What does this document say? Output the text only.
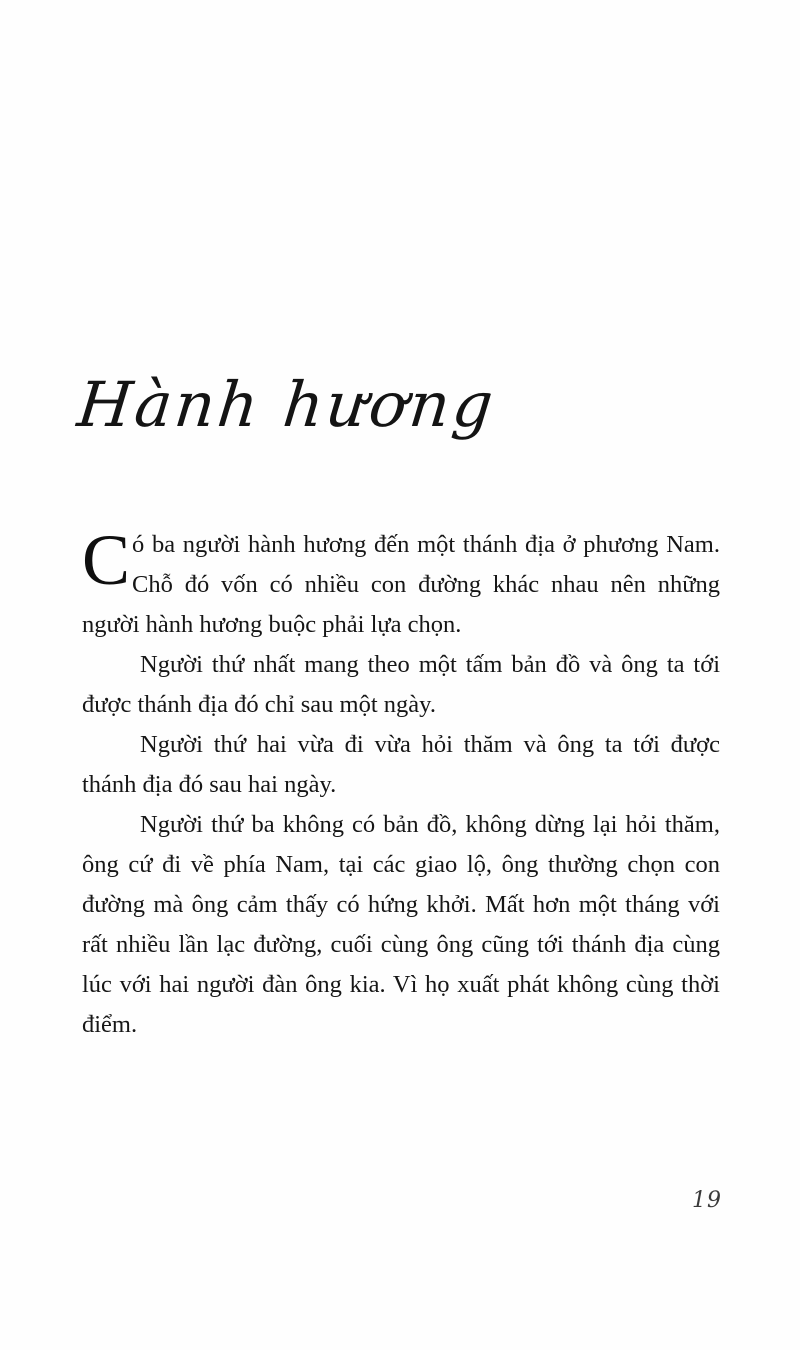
Hành hương

Có ba người hành hương đến một thánh địa ở phương Nam. Chỗ đó vốn có nhiều con đường khác nhau nên những người hành hương buộc phải lựa chọn.

Người thứ nhất mang theo một tấm bản đồ và ông ta tới được thánh địa đó chỉ sau một ngày.

Người thứ hai vừa đi vừa hỏi thăm và ông ta tới được thánh địa đó sau hai ngày.

Người thứ ba không có bản đồ, không dừng lại hỏi thăm, ông cứ đi về phía Nam, tại các giao lộ, ông thường chọn con đường mà ông cảm thấy có hứng khởi. Mất hơn một tháng với rất nhiều lần lạc đường, cuối cùng ông cũng tới thánh địa cùng lúc với hai người đàn ông kia. Vì họ xuất phát không cùng thời điểm.

19
